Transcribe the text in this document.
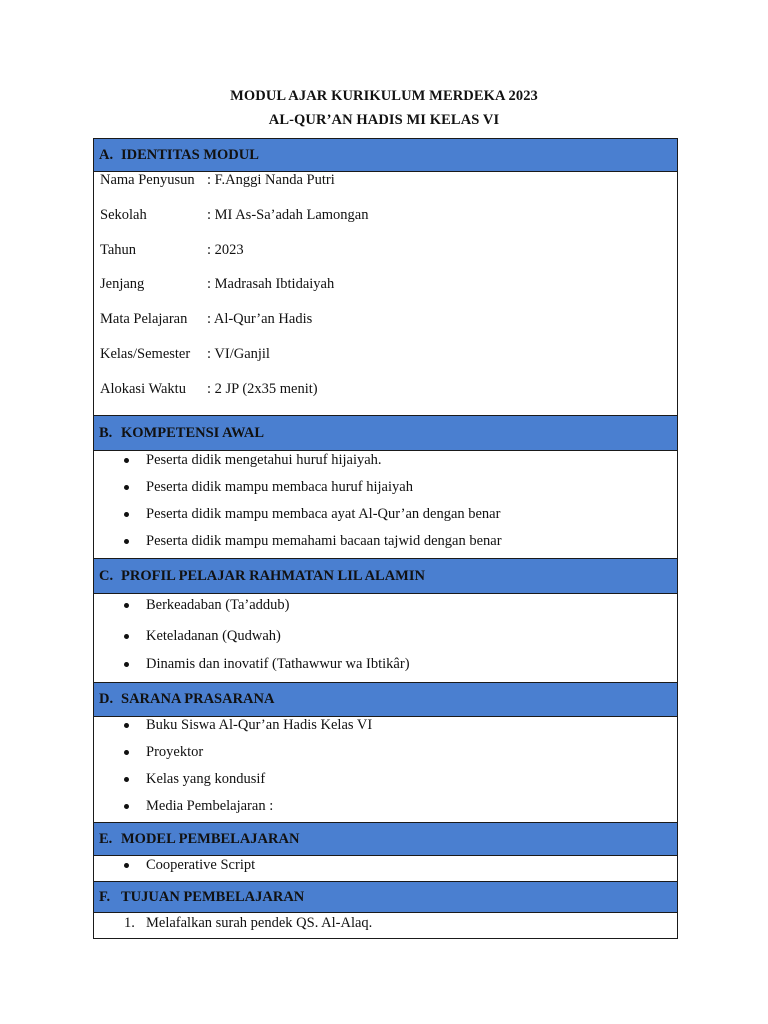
MODUL AJAR KURIKULUM MERDEKA 2023
AL-QUR’AN HADIS MI KELAS VI
A. IDENTITAS MODUL
Nama Penyusun : F.Anggi Nanda Putri
Sekolah	: MI As-Sa’adah Lamongan
Tahun	: 2023
Jenjang	: Madrasah Ibtidaiyah
Mata Pelajaran : Al-Qur’an Hadis
Kelas/Semester : VI/Ganjil
Alokasi Waktu : 2 JP (2x35 menit)
B. KOMPETENSI AWAL
Peserta didik mengetahui huruf hijaiyah.
Peserta didik mampu membaca huruf hijaiyah
Peserta didik mampu membaca ayat Al-Qur’an dengan benar
Peserta didik mampu memahami bacaan tajwid dengan benar
C. PROFIL PELAJAR RAHMATAN LIL ALAMIN
Berkeadaban (Ta’addub)
Keteladanan (Qudwah)
Dinamis dan inovatif (Tathawwur wa Ibtikâr)
D. SARANA PRASARANA
Buku Siswa Al-Qur’an Hadis Kelas VI
Proyektor
Kelas yang kondusif
Media Pembelajaran :
E. MODEL PEMBELAJARAN
Cooperative Script
F. TUJUAN PEMBELAJARAN
1. Melafalkan surah pendek QS. Al-Alaq.
